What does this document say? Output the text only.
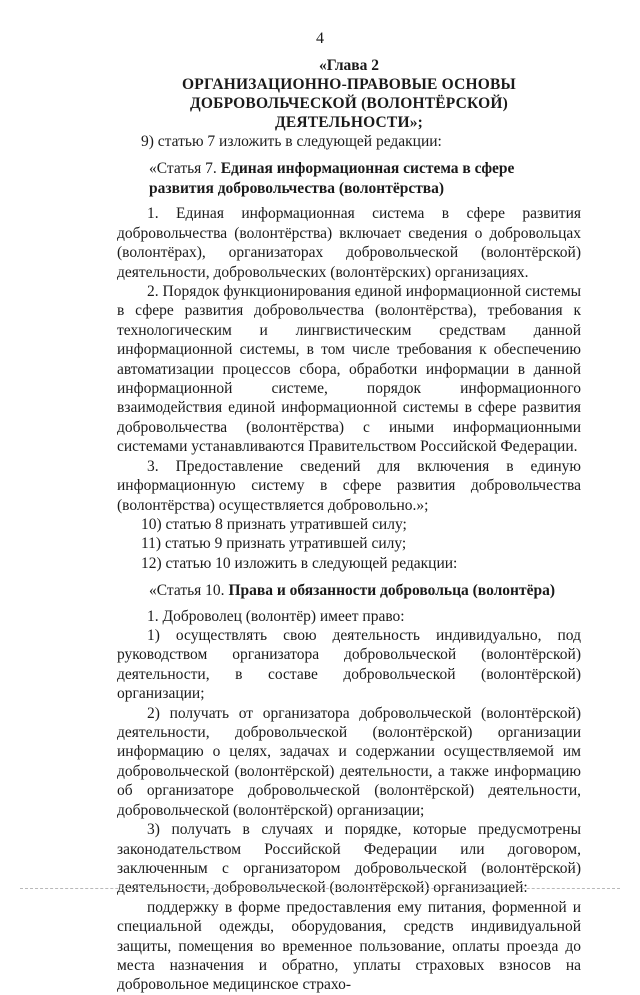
4
«Глава 2
ОРГАНИЗАЦИОННО-ПРАВОВЫЕ ОСНОВЫ
ДОБРОВОЛЬЧЕСКОЙ (ВОЛОНТЁРСКОЙ) ДЕЯТЕЛЬНОСТИ»;

9) статью 7 изложить в следующей редакции:

«Статья 7. Единая информационная система в сфере развития добровольчества (волонтёрства)

1. Единая информационная система в сфере развития добровольчества (волонтёрства) включает сведения о добровольцах (волонтёрах), организаторах добровольческой (волонтёрской) деятельности, добровольческих (волонтёрских) организациях.

2. Порядок функционирования единой информационной системы в сфере развития добровольчества (волонтёрства), требования к технологическим и лингвистическим средствам данной информационной системы, в том числе требования к обеспечению автоматизации процессов сбора, обработки информации в данной информационной системе, порядок информационного взаимодействия единой информационной системы в сфере развития добровольчества (волонтёрства) с иными информационными системами устанавливаются Правительством Российской Федерации.

3. Предоставление сведений для включения в единую информационную систему в сфере развития добровольчества (волонтёрства) осуществляется добровольно.»;

10) статью 8 признать утратившей силу;

11) статью 9 признать утратившей силу;

12) статью 10 изложить в следующей редакции:

«Статья 10. Права и обязанности добровольца (волонтёра)

1. Доброволец (волонтёр) имеет право:

1) осуществлять свою деятельность индивидуально, под руководством организатора добровольческой (волонтёрской) деятельности, в составе добровольческой (волонтёрской) организации;

2) получать от организатора добровольческой (волонтёрской) деятельности, добровольческой (волонтёрской) организации информацию о целях, задачах и содержании осуществляемой им добровольческой (волонтёрской) деятельности, а также информацию об организаторе добровольческой (волонтёрской) деятельности, добровольческой (волонтёрской) организации;

3) получать в случаях и порядке, которые предусмотрены законодательством Российской Федерации или договором, заключенным с организатором добровольческой (волонтёрской) деятельности, добровольческой (волонтёрской) организацией:

поддержку в форме предоставления ему питания, форменной и специальной одежды, оборудования, средств индивидуальной защиты, помещения во временное пользование, оплаты проезда до места назначения и обратно, уплаты страховых взносов на добровольное медицинское страхо-
